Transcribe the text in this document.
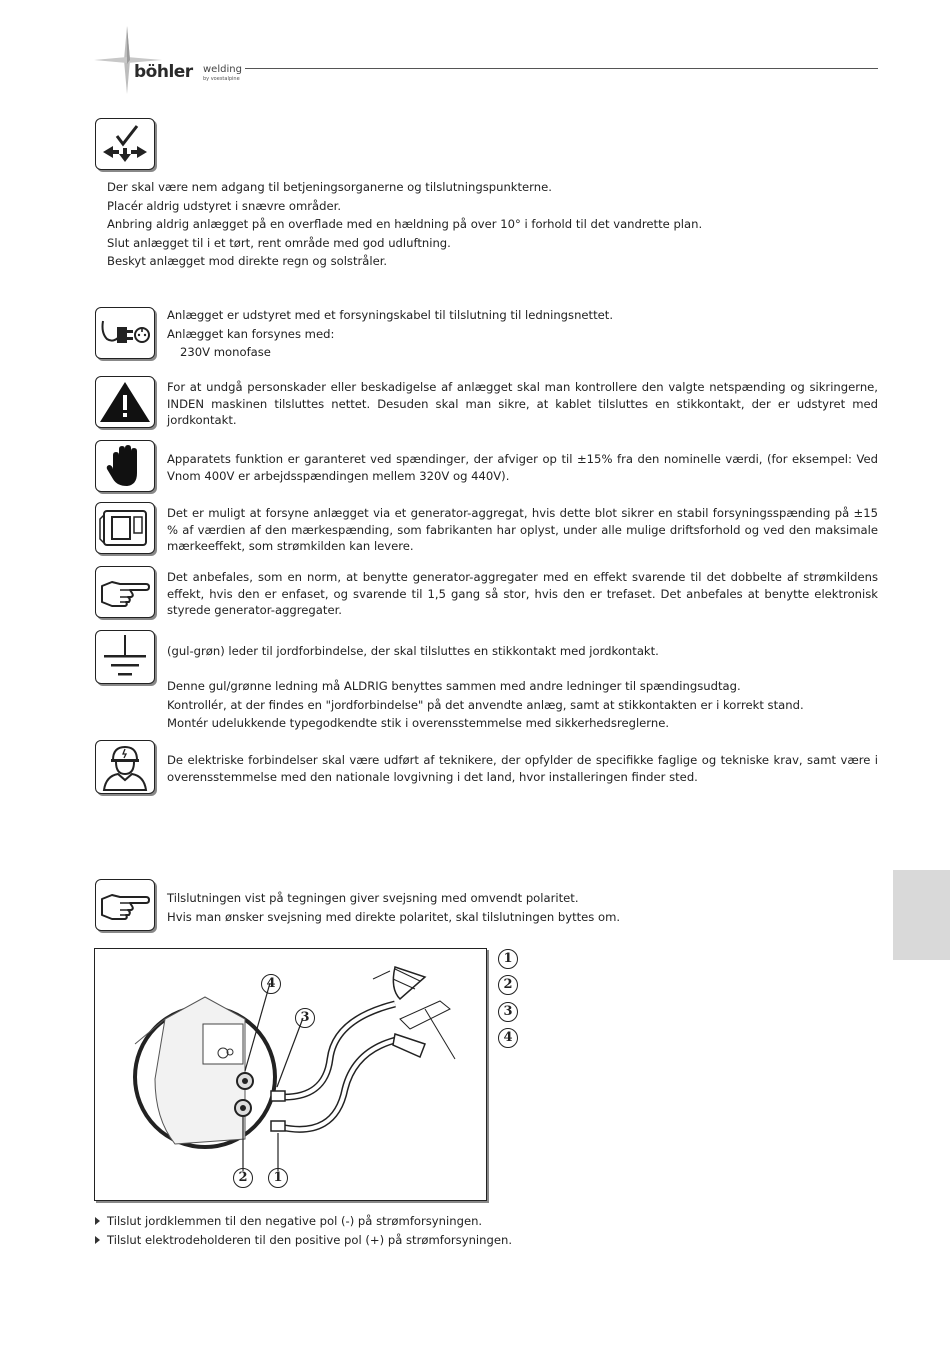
böhler welding
by voestalpine

Der skal være nem adgang til betjeningsorganerne og tilslutningspunkterne.

Placér aldrig udstyret i snævre områder.

Anbring aldrig anlægget på en overflade med en hældning på over 10° i forhold til det vandrette plan.

Slut anlægget til i et tørt, rent område med god udluftning.

Beskyt anlægget mod direkte regn og solstråler.

Anlægget er udstyret med et forsyningskabel til tilslutning til ledningsnettet.

Anlægget kan forsynes med:

230V monofase

For at undgå personskader eller beskadigelse af anlægget skal man kontrollere den valgte netspænding og sikringerne, INDEN maskinen tilsluttes nettet. Desuden skal man sikre, at kablet tilsluttes en stikkontakt, der er udstyret med jordkontakt.
Apparatets funktion er garanteret ved spændinger, der afviger op til ±15% fra den nominelle værdi, (for eksempel: Ved Vnom 400V er arbejdsspændingen mellem 320V og 440V).
Det er muligt at forsyne anlægget via et generator-aggregat, hvis dette blot sikrer en stabil forsyningsspænding på ±15 % af værdien af den mærkespænding, som fabrikanten har oplyst, under alle mulige driftsforhold og ved den maksimale mærkeeffekt, som strømkilden kan levere.
Det anbefales, som en norm, at benytte generator-aggregater med en effekt svarende til det dobbelte af strømkildens effekt, hvis den er enfaset, og svarende til 1,5 gang så stor, hvis den er trefaset. Det anbefales at benytte elektronisk styrede generator-aggregater.
(gul-grøn) leder til jordforbindelse, der skal tilsluttes en stikkontakt med jordkontakt.

Denne gul/grønne ledning må ALDRIG benyttes sammen med andre ledninger til spændingsudtag.

Kontrollér, at der findes en "jordforbindelse" på det anvendte anlæg, samt at stikkontakten er i korrekt stand.

Montér udelukkende typegodkendte stik i overensstemmelse med sikkerhedsreglerne.

De elektriske forbindelser skal være udført af teknikere, der opfylder de specifikke faglige og tekniske krav, samt være i overensstemmelse med den nationale lovgivning i det land, hvor installeringen finder sted.

Tilslutningen vist på tegningen giver svejsning med omvendt polaritet.

Hvis man ønsker svejsning med direkte polaritet, skal tilslutningen byttes om.

4
3
2	1
1
2
3
4
Tilslut jordklemmen til den negative pol (-) på strømforsyningen.
Tilslut elektrodeholderen til den positive pol (+) på strømforsyningen.
